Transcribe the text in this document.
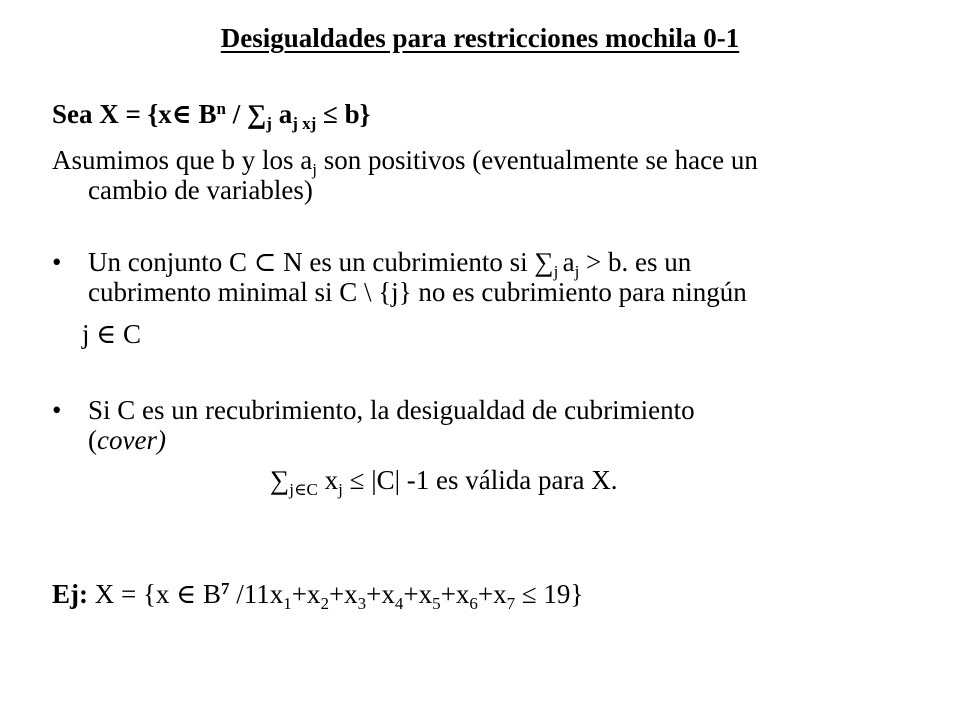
Desigualdades para restricciones mochila 0-1
Sea X = {x∈ $B^n / \sum_j$ $a_{j xj} \le b$}
Asumimos que b y los $a_j$ son positivos (eventualmente se hace un
cambio de variables)
• Un conjunto C ⊂ N es un cubrimiento si $\sum_j$ $a_j > b$. es un
cubrimento minimal si C \ {j} no es cubrimiento para ningún
j ∈ C
• Si C es un recubrimiento, la desigualdad de cubrimiento
(cover)
$\sum_{j\in C}$ $x_j \le |C|$ -1 es válida para X.
Ej: X = {x ∈ $B^7$ $/11x_1+x_2+x_3+x_4+x_5+x_6+x_7 \le 19$}
